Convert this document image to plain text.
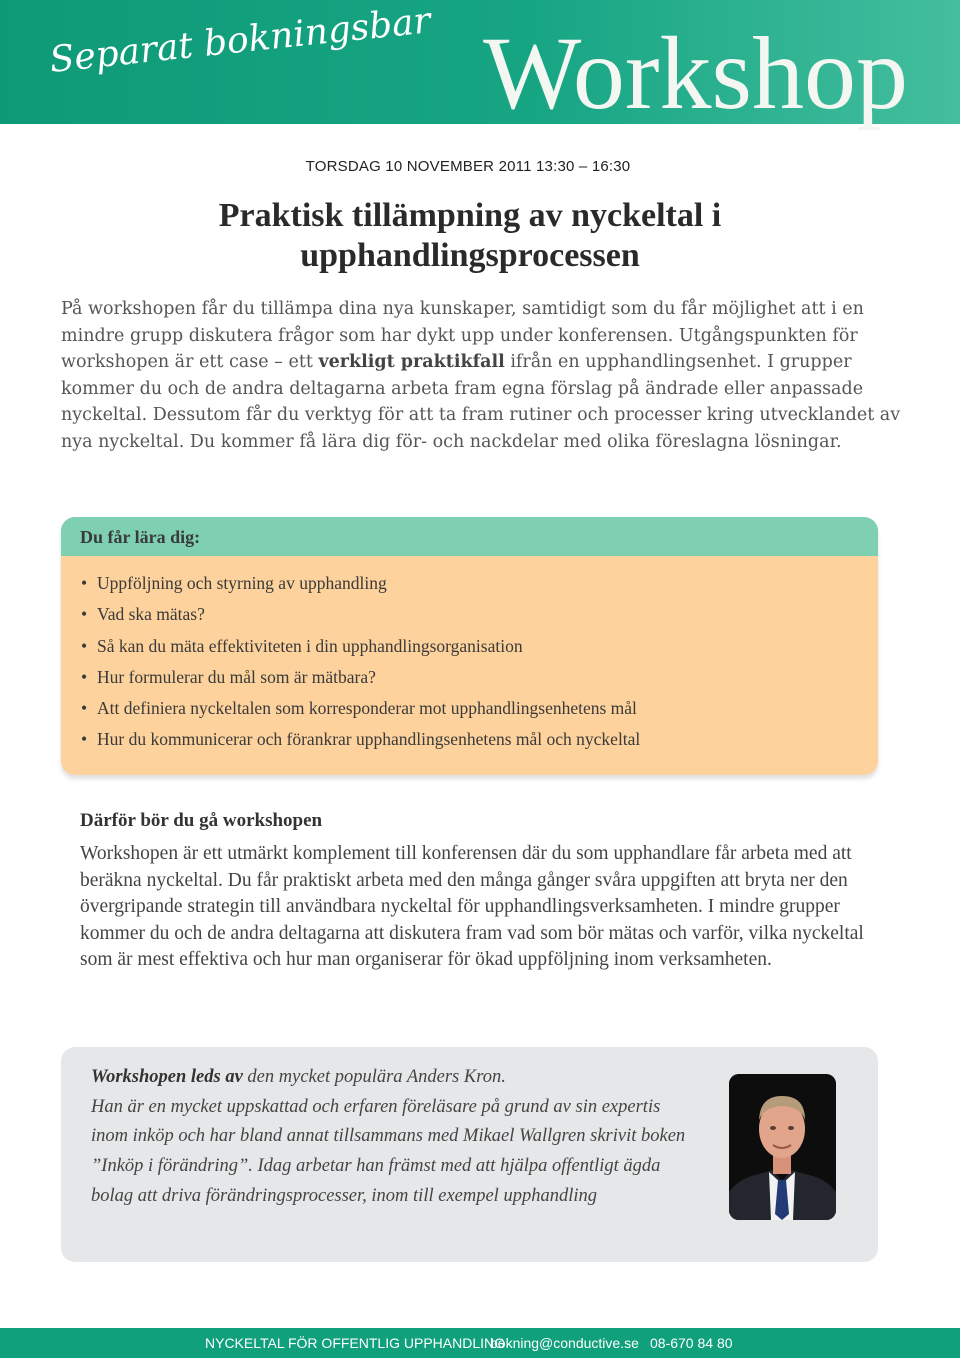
Separat bokningsbar Workshop
TORSDAG 10 NOVEMBER 2011 13:30 – 16:30
Praktisk tillämpning av nyckeltal i
upphandlingsprocessen
På workshopen får du tillämpa dina nya kunskaper, samtidigt som du får möjlighet att i en mindre grupp diskutera frågor som har dykt upp under konferensen. Utgångspunkten för workshopen är ett case – ett verkligt praktikfall ifrån en upphandlingsenhet. I grupper kommer du och de andra deltagarna arbeta fram egna förslag på ändrade eller anpassade nyckeltal. Dessutom får du verktyg för att ta fram rutiner och processer kring utvecklandet av nya nyckeltal. Du kommer få lära dig för- och nackdelar med olika föreslagna lösningar.
Du får lära dig:
• Uppföljning och styrning av upphandling
• Vad ska mätas?
• Så kan du mäta effektiviteten i din upphandlingsorganisation
• Hur formulerar du mål som är mätbara?
• Att definiera nyckeltalen som korresponderar mot upphandlingsenhetens mål
• Hur du kommunicerar och förankrar upphandlingsenhetens mål och nyckeltal
Därför bör du gå workshopen
Workshopen är ett utmärkt komplement till konferensen där du som upphandlare får arbeta med att beräkna nyckeltal. Du får praktiskt arbeta med den många gånger svåra uppgiften att bryta ner den övergripande strategin till användbara nyckeltal för upphandlingsverksamheten. I mindre grupper kommer du och de andra deltagarna att diskutera fram vad som bör mätas och varför, vilka nyckeltal som är mest effektiva och hur man organiserar för ökad uppföljning inom verksamheten.
Workshopen leds av den mycket populära Anders Kron.
Han är en mycket uppskattad och erfaren föreläsare på grund av sin expertis inom inköp och har bland annat tillsammans med Mikael Wallgren skrivit boken ”Inköp i förändring”. Idag arbetar han främst med att hjälpa offentligt ägda bolag att driva förändringsprocesser, inom till exempel upphandling
NYCKELTAL FÖR OFFENTLIG UPPHANDLING
bokning@conductive.se 08-670 84 80
